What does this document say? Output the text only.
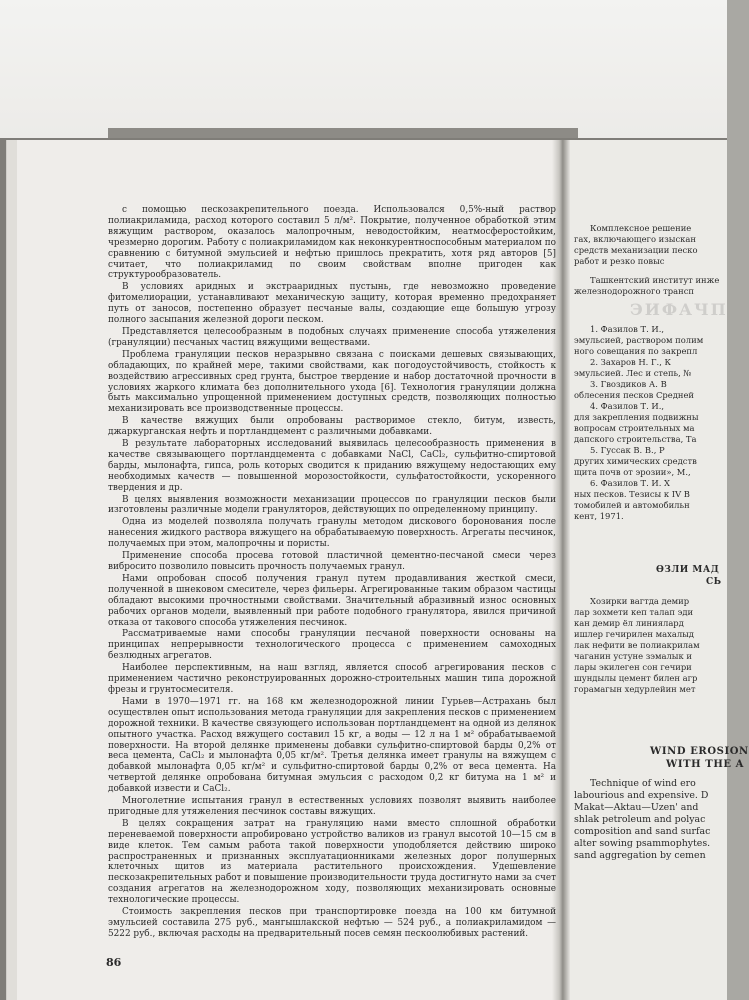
с помощью пескозакрепительного поезда. Использовался 0,5%-ный раствор полиакриламида, расход которого составил 5 л/м². Покрытие, полученное обработкой этим вяжущим раствором, оказалось малопрочным, неводостойким, неатмосферостойким, чрезмерно дорогим. Работу с полиакриламидом как неконкурентноспособным материалом по сравнению с битумной эмульсией и нефтью пришлось прекратить, хотя ряд авторов [5] считает, что полиакриламид по своим свойствам вполне пригоден как структурообразователь.

В условиях аридных и экстрааридных пустынь, где невозможно проведение фитомелиорации, устанавливают механическую защиту, которая временно предохраняет путь от заносов, постепенно образует песчаные валы, создающие еще большую угрозу полного засыпания железной дороги песком.

Представляется целесообразным в подобных случаях применение способа утяжеления (грануляции) песчаных частиц вяжущими веществами.

Проблема грануляции песков неразрывно связана с поисками дешевых связывающих, обладающих, по крайней мере, такими свойствами, как погодоустойчивость, стойкость к воздействию агрессивных сред грунта, быстрое твердение и набор достаточной прочности в условиях жаркого климата без дополнительного ухода [6]. Технология грануляции должна быть максимально упрощенной применением доступных средств, позволяющих полностью механизировать все производственные процессы.

В качестве вяжущих были опробованы растворимое стекло, битум, известь, джаркурганская нефть и портландцемент с различными добавками.

В результате лабораторных исследований выявилась целесообразность применения в качестве связывающего портландцемента с добавками NaCl, CaCl₂, сульфитно-спиртовой барды, мылонафта, гипса, роль которых сводится к приданию вяжущему недостающих ему необходимых качеств — повышенной морозостойкости, сульфатостойкости, ускоренного твердения и др.

В целях выявления возможности механизации процессов по грануляции песков были изготовлены различные модели грануляторов, действующих по определенному принципу.

Одна из моделей позволяла получать гранулы методом дискового боронования после нанесения жидкого раствора вяжущего на обрабатываемую поверхность. Агрегаты песчинок, получаемых при этом, малопрочны и пористы.

Применение способа просева готовой пластичной цементно-песчаной смеси через вибросито позволило повысить прочность получаемых гранул.

Нами опробован способ получения гранул путем продавливания жесткой смеси, полученной в шнековом смесителе, через фильеры. Агрегированные таким образом частицы обладают высокими прочностными свойствами. Значительный абразивный износ основных рабочих органов модели, выявленный при работе подобного гранулятора, явился причиной отказа от такового способа утяжеления песчинок.

Рассматриваемые нами способы грануляции песчаной поверхности основаны на принципах непрерывности технологического процесса с применением самоходных безлюдных агрегатов.

Наиболее перспективным, на наш взгляд, является способ агрегирования песков с применением частично реконструированных дорожно-строительных машин типа дорожной фрезы и грунтосмесителя.

Нами в 1970—1971 гг. на 168 км железнодорожной линии Гурьев—Астрахань был осуществлен опыт использования метода грануляции для закрепления песков с применением дорожной техники. В качестве связующего использован портландцемент на одной из делянок опытного участка. Расход вяжущего составил 15 кг, а воды — 12 л на 1 м² обрабатываемой поверхности. На второй делянке применены добавки сульфитно-спиртовой барды 0,2% от веса цемента, CaCl₂ и мылонафта 0,05 кг/м². Третья делянка имеет гранулы на вяжущем с добавкой мылонафта 0,05 кг/м² и сульфитно-спиртовой барды 0,2% от веса цемента. На четвертой делянке опробована битумная эмульсия с расходом 0,2 кг битума на 1 м² и добавкой извести и CaCl₂.

Многолетние испытания гранул в естественных условиях позволят выявить наиболее пригодные для утяжеления песчинок составы вяжущих.

В целях сокращения затрат на грануляцию нами вместо сплошной обработки переневаемой поверхности апробировано устройство валиков из гранул высотой 10—15 см в виде клеток. Тем самым работа такой поверхности уподобляется действию широко распространенных и признанных эксплуатационниками железных дорог полушерных клеточных щитов из материала растительного происхождения. Удешевление пескозакрепительных работ и повышение производительности труда достигнуто нами за счет создания агрегатов на железнодорожном ходу, позволяющих механизировать основные технологические процессы.

Стоимость закрепления песков при транспортировке поезда на 100 км битумной эмульсией составила 275 руб., мангышлакской нефтью — 524 руб., а полиакриламидом — 5222 руб., включая расходы на предварительный посев семян пескоолюбивых растений.

86
Комплексное решение
гах, включающего изыскан
средств механизации песко
работ и резко повыс
Ташкентский институт инже
железнодорожного трансп
ЭИФАЧП
1. Фазилов Т. И.,
эмульсией, раствором полим
ного совещания по закрепл
2. Захаров Н. Г., К
эмульсией. Лес и степь, №
3. Гвоздиков А. В
облесения песков Средней
4. Фазилов Т. И.,
для закрепления подвижны
вопросам строительных ма
дапского строительства, Та
5. Гуссак В. В., Р
других химических средств
щита почв от эрозии», М.,
6. Фазилов Т. И. Х
ных песков. Тезисы к IV В
томобилей и автомобильн
кент, 1971.
ӨЗЛИ МАД
СЬ
Хозирки вагтда демир
лар зохмети кеп талап эди
кан демир ёл линиялард
ишлер гечирилен махалыд
лак нефити ве полиакрилам
чаганин устуне зэмалык и
лары экилеген сон гечири
шундылы цемент билен агр
горамагын хедурлейин мет
WIND EROSION
WITH THE A
Technique of wind ero
labourious and expensive. D
Makat—Aktau—Uzen' and
shlak petroleum and polyac
composition and sand surfac
alter sowing psammophytes.
sand aggregation by cemen
